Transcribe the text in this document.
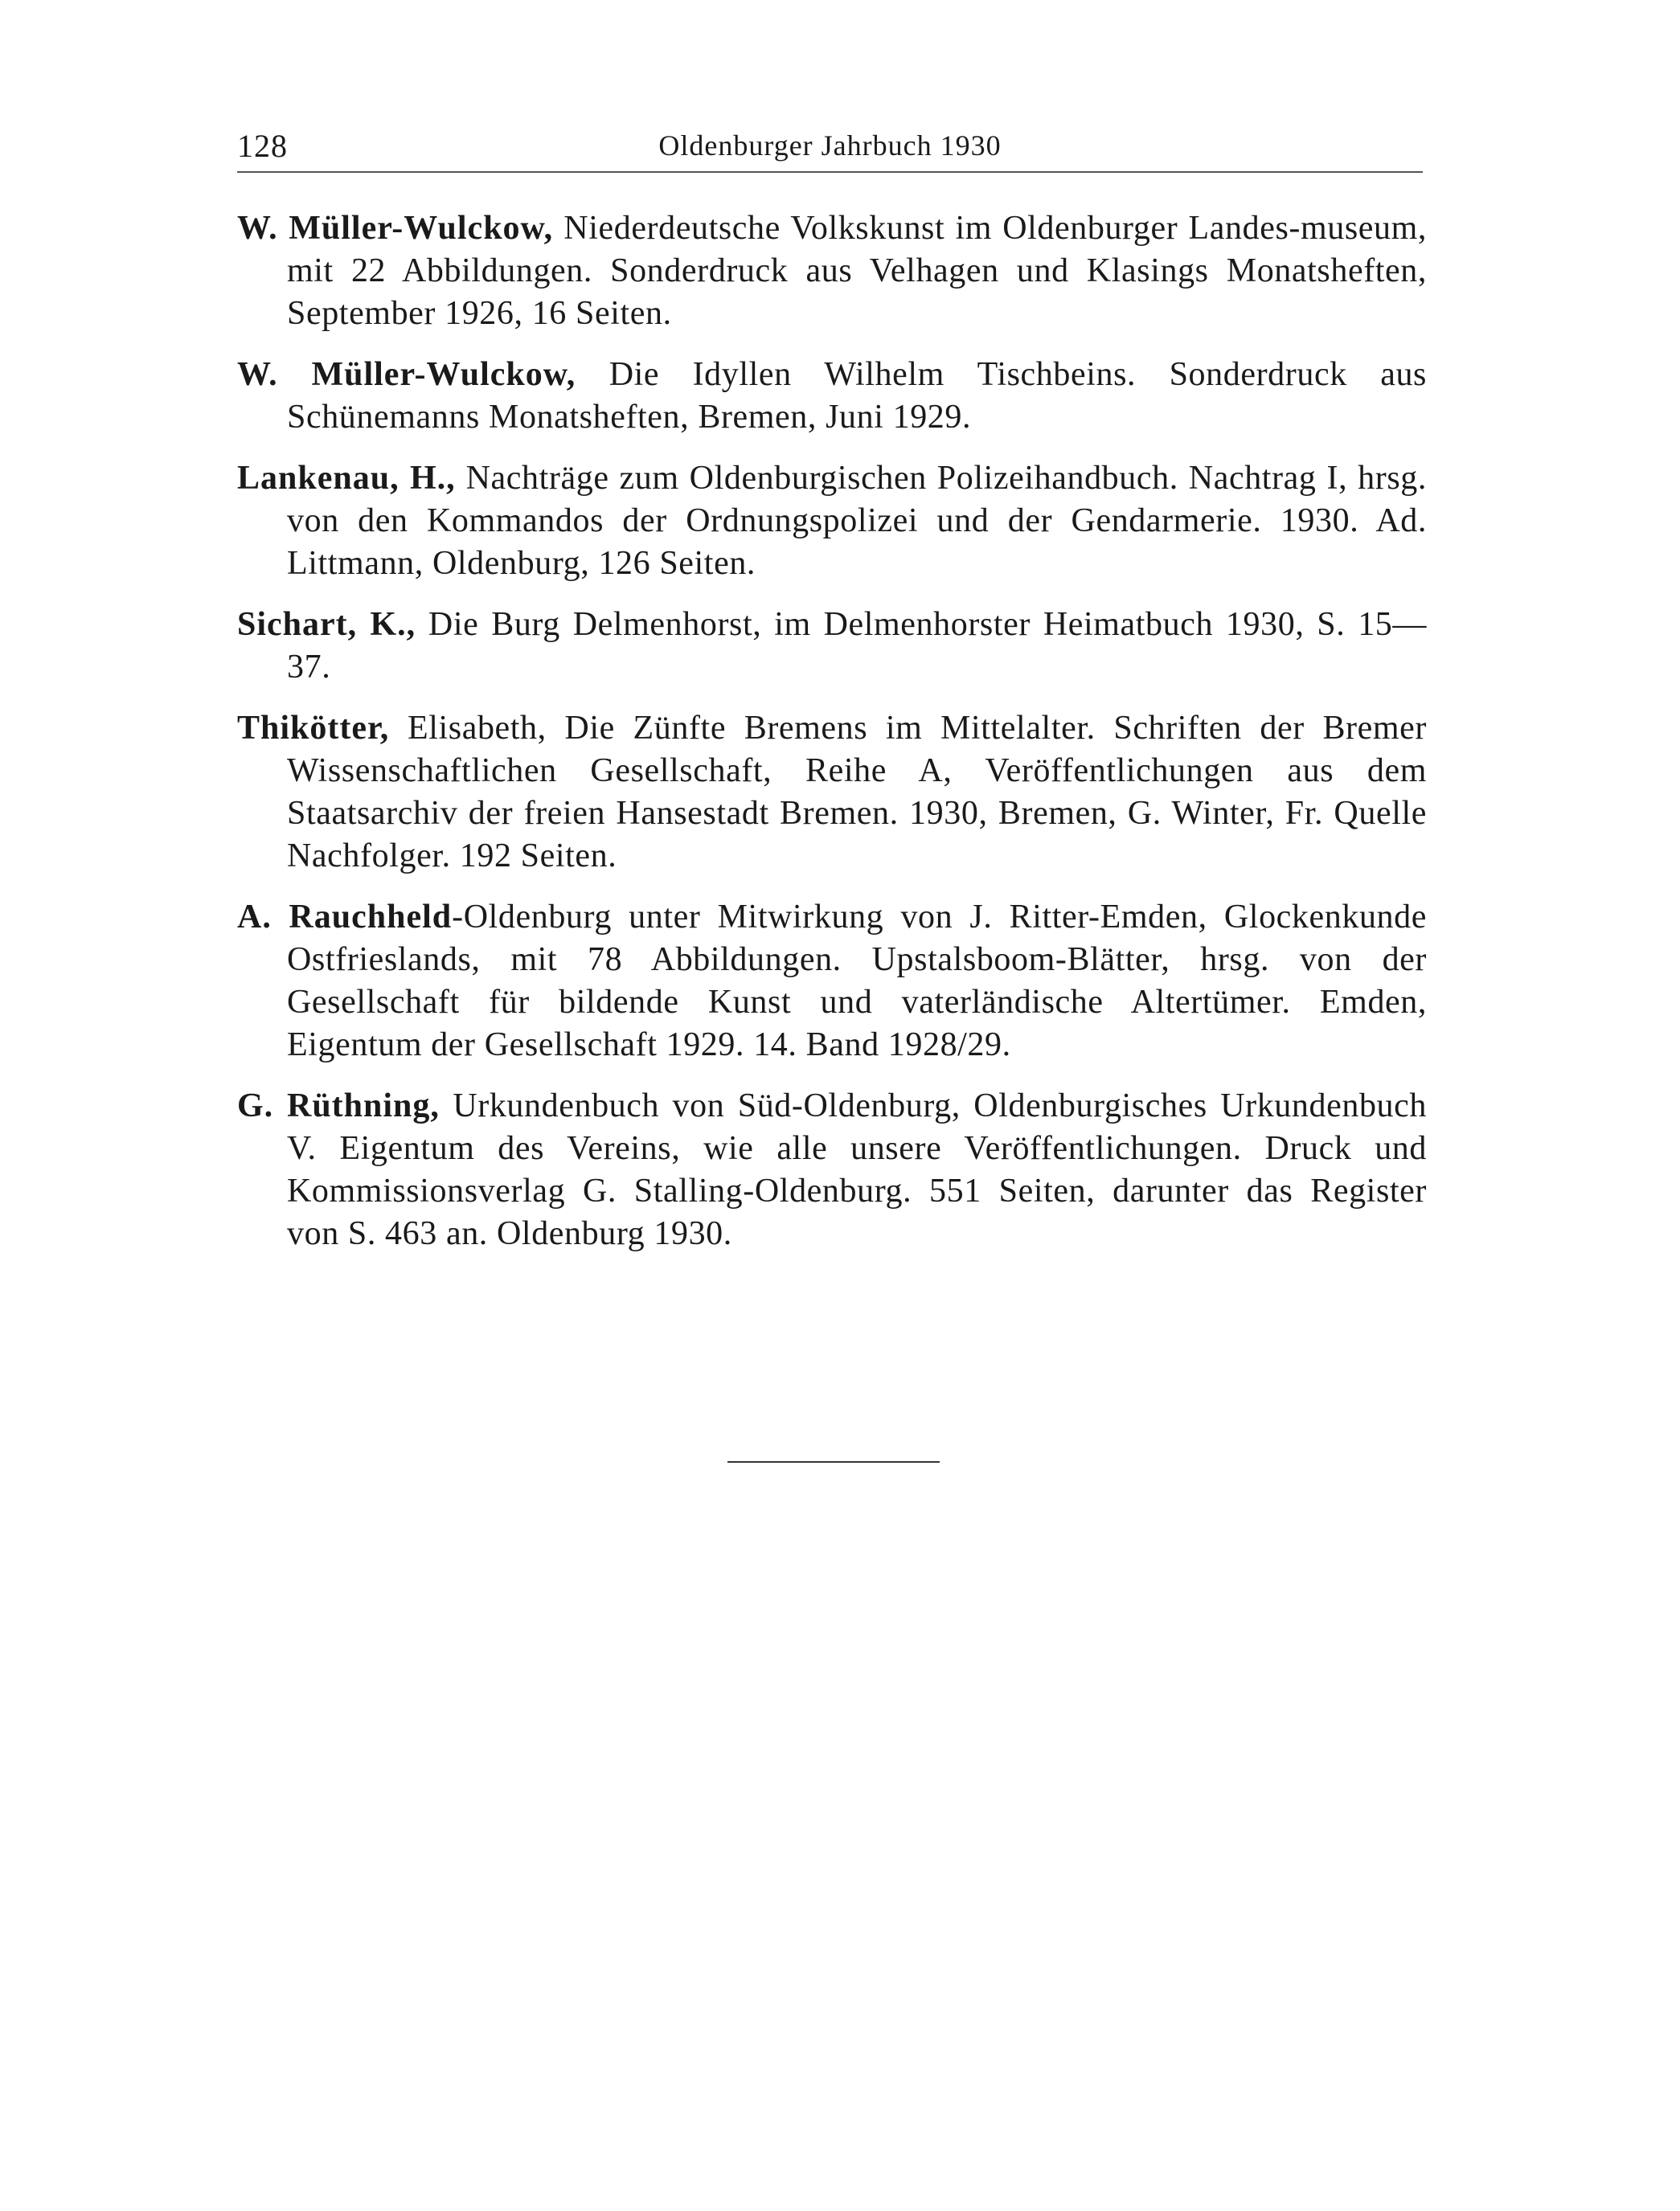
128	Oldenburger Jahrbuch 1930

W. Müller-Wulckow, Niederdeutsche Volkskunst im Oldenburger Landes-museum, mit 22 Abbildungen. Sonderdruck aus Velhagen und Klasings Monatsheften, September 1926, 16 Seiten.

W. Müller-Wulckow, Die Idyllen Wilhelm Tischbeins. Sonderdruck aus Schünemanns Monatsheften, Bremen, Juni 1929.

Lankenau, H., Nachträge zum Oldenburgischen Polizeihandbuch. Nachtrag I, hrsg. von den Kommandos der Ordnungspolizei und der Gendarmerie. 1930. Ad. Littmann, Oldenburg, 126 Seiten.

Sichart, K., Die Burg Delmenhorst, im Delmenhorster Heimatbuch 1930, S. 15—37.

Thikötter, Elisabeth, Die Zünfte Bremens im Mittelalter. Schriften der Bremer Wissenschaftlichen Gesellschaft, Reihe A, Veröffentlichungen aus dem Staatsarchiv der freien Hansestadt Bremen. 1930, Bremen, G. Winter, Fr. Quelle Nachfolger. 192 Seiten.

A. Rauchheld-Oldenburg unter Mitwirkung von J. Ritter-Emden, Glockenkunde Ostfrieslands, mit 78 Abbildungen. Upstalsboom-Blätter, hrsg. von der Gesellschaft für bildende Kunst und vaterländische Altertümer. Emden, Eigentum der Gesellschaft 1929. 14. Band 1928/29.

G. Rüthning, Urkundenbuch von Süd-Oldenburg, Oldenburgisches Urkundenbuch V. Eigentum des Vereins, wie alle unsere Veröffentlichungen. Druck und Kommissionsverlag G. Stalling-Oldenburg. 551 Seiten, darunter das Register von S. 463 an. Oldenburg 1930.
